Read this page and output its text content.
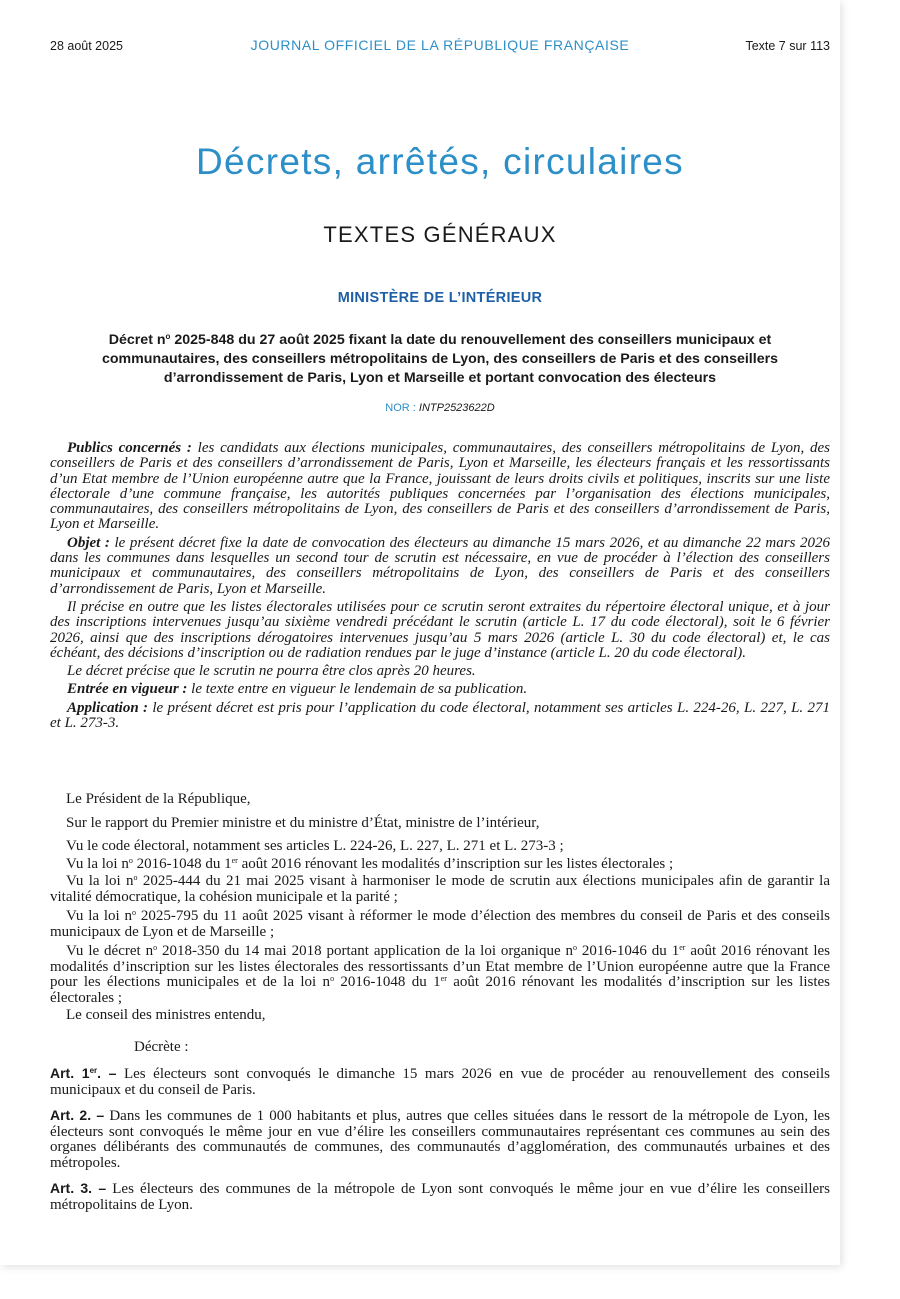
28 août 2025	JOURNAL OFFICIEL DE LA RÉPUBLIQUE FRANÇAISE	Texte 7 sur 113
Décrets, arrêtés, circulaires
TEXTES GÉNÉRAUX
MINISTÈRE DE L’INTÉRIEUR
Décret $n^o$ 2025-848 du 27 août 2025 fixant la date du renouvellement des conseillers municipaux et communautaires, des conseillers métropolitains de Lyon, des conseillers de Paris et des conseillers d’arrondissement de Paris, Lyon et Marseille et portant convocation des électeurs
NOR : INTP2523622D

Publics concernés : les candidats aux élections municipales, communautaires, des conseillers métropolitains de Lyon, des conseillers de Paris et des conseillers d’arrondissement de Paris, Lyon et Marseille, les électeurs français et les ressortissants d’un Etat membre de l’Union européenne autre que la France, jouissant de leurs droits civils et politiques, inscrits sur une liste électorale d’une commune française, les autorités publiques concernées par l’organisation des élections municipales, communautaires, des conseillers métropolitains de Lyon, des conseillers de Paris et des conseillers d’arrondissement de Paris, Lyon et Marseille.

Objet : le présent décret fixe la date de convocation des électeurs au dimanche 15 mars 2026, et au dimanche 22 mars 2026 dans les communes dans lesquelles un second tour de scrutin est nécessaire, en vue de procéder à l’élection des conseillers municipaux et communautaires, des conseillers métropolitains de Lyon, des conseillers de Paris et des conseillers d’arrondissement de Paris, Lyon et Marseille.

Il précise en outre que les listes électorales utilisées pour ce scrutin seront extraites du répertoire électoral unique, et à jour des inscriptions intervenues jusqu’au sixième vendredi précédant le scrutin (article L. 17 du code électoral), soit le 6 février 2026, ainsi que des inscriptions dérogatoires intervenues jusqu’au 5 mars 2026 (article L. 30 du code électoral) et, le cas échéant, des décisions d’inscription ou de radiation rendues par le juge d’instance (article L. 20 du code électoral).

Le décret précise que le scrutin ne pourra être clos après 20 heures.

Entrée en vigueur : le texte entre en vigueur le lendemain de sa publication.

Application : le présent décret est pris pour l’application du code électoral, notamment ses articles L. 224-26, L. 227, L. 271 et L. 273-3.

Le Président de la République,

Sur le rapport du Premier ministre et du ministre d’État, ministre de l’intérieur,

Vu le code électoral, notamment ses articles L. 224-26, L. 227, L. 271 et L. 273-3 ;

Vu la loi $n^o$ 2016-1048 du 1er août 2016 rénovant les modalités d’inscription sur les listes électorales ;

Vu la loi $n^o$ 2025-444 du 21 mai 2025 visant à harmoniser le mode de scrutin aux élections municipales afin de garantir la vitalité démocratique, la cohésion municipale et la parité ;

Vu la loi $n^o$ 2025-795 du 11 août 2025 visant à réformer le mode d’élection des membres du conseil de Paris et des conseils municipaux de Lyon et de Marseille ;

Vu le décret $n^o$ 2018-350 du 14 mai 2018 portant application de la loi organique $n^o$ 2016-1046 du 1er août 2016 rénovant les modalités d’inscription sur les listes électorales des ressortissants d’un Etat membre de l’Union européenne autre que la France pour les élections municipales et de la loi $n^o$ 2016-1048 du 1er août 2016 rénovant les modalités d’inscription sur les listes électorales ;

Le conseil des ministres entendu,

Décrète :

Art. 1er. – Les électeurs sont convoqués le dimanche 15 mars 2026 en vue de procéder au renouvellement des conseils municipaux et du conseil de Paris.

Art. 2. – Dans les communes de 1 000 habitants et plus, autres que celles situées dans le ressort de la métropole de Lyon, les électeurs sont convoqués le même jour en vue d’élire les conseillers communautaires représentant ces communes au sein des organes délibérants des communautés de communes, des communautés d’agglomération, des communautés urbaines et des métropoles.

Art. 3. – Les électeurs des communes de la métropole de Lyon sont convoqués le même jour en vue d’élire les conseillers métropolitains de Lyon.
